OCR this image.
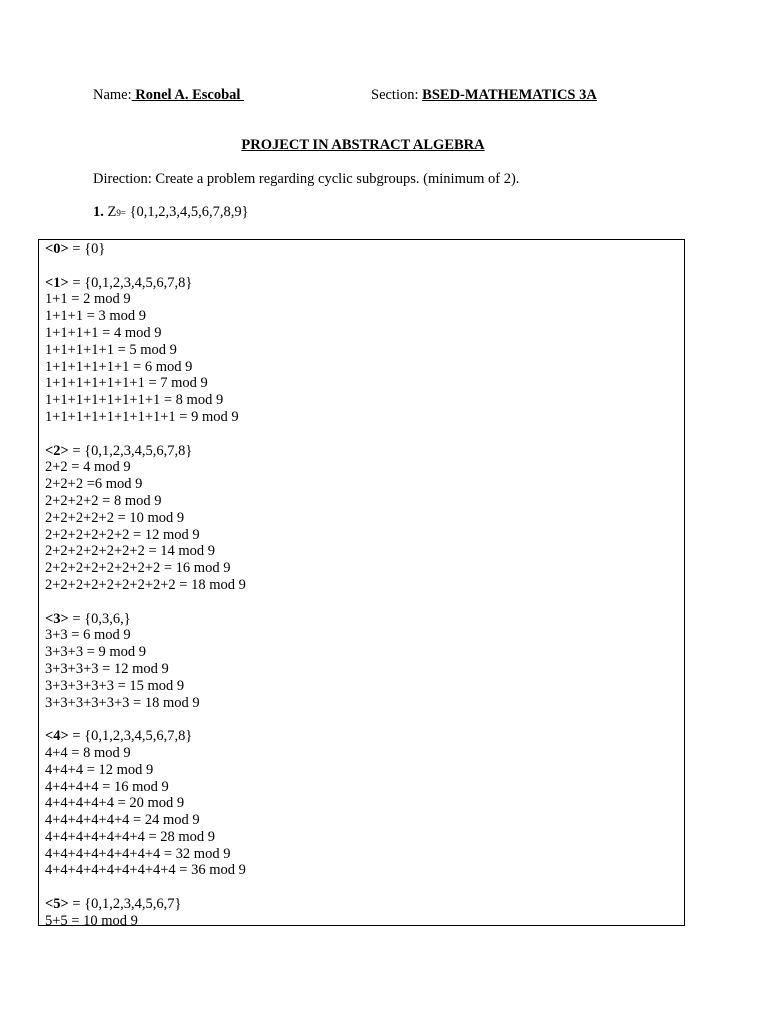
Name: Ronel A. Escobal	Section: BSED-MATHEMATICS 3A
PROJECT IN ABSTRACT ALGEBRA
Direction: Create a problem regarding cyclic subgroups. (minimum of 2).
1. Z9= {0,1,2,3,4,5,6,7,8,9}
<0> = {0}
<1> = {0,1,2,3,4,5,6,7,8}
1+1 = 2 mod 9
1+1+1 = 3 mod 9
1+1+1+1 = 4 mod 9
1+1+1+1+1 = 5 mod 9
1+1+1+1+1+1 = 6 mod 9
1+1+1+1+1+1+1 = 7 mod 9
1+1+1+1+1+1+1+1 = 8 mod 9
1+1+1+1+1+1+1+1+1 = 9 mod 9
<2> = {0,1,2,3,4,5,6,7,8}
2+2 = 4 mod 9
2+2+2 =6 mod 9
2+2+2+2 = 8 mod 9
2+2+2+2+2 = 10 mod 9
2+2+2+2+2+2 = 12 mod 9
2+2+2+2+2+2+2 = 14 mod 9
2+2+2+2+2+2+2+2 = 16 mod 9
2+2+2+2+2+2+2+2+2 = 18 mod 9
<3> = {0,3,6,}
3+3 = 6 mod 9
3+3+3 = 9 mod 9
3+3+3+3 = 12 mod 9
3+3+3+3+3 = 15 mod 9
3+3+3+3+3+3 = 18 mod 9
<4> = {0,1,2,3,4,5,6,7,8}
4+4 = 8 mod 9
4+4+4 = 12 mod 9
4+4+4+4 = 16 mod 9
4+4+4+4+4 = 20 mod 9
4+4+4+4+4+4 = 24 mod 9
4+4+4+4+4+4+4 = 28 mod 9
4+4+4+4+4+4+4+4 = 32 mod 9
4+4+4+4+4+4+4+4+4 = 36 mod 9
<5> = {0,1,2,3,4,5,6,7}
5+5 = 10 mod 9
